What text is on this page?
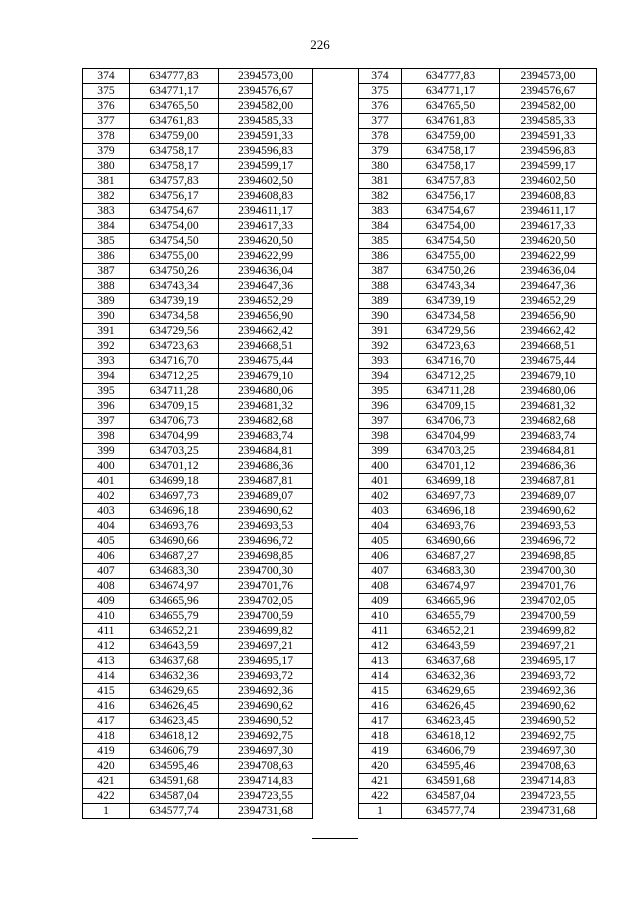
226
374	634777,83	2394573,00
375	634771,17	2394576,67
376	634765,50	2394582,00
377	634761,83	2394585,33
378	634759,00	2394591,33
379	634758,17	2394596,83
380	634758,17	2394599,17
381	634757,83	2394602,50
382	634756,17	2394608,83
383	634754,67	2394611,17
384	634754,00	2394617,33
385	634754,50	2394620,50
386	634755,00	2394622,99
387	634750,26	2394636,04
388	634743,34	2394647,36
389	634739,19	2394652,29
390	634734,58	2394656,90
391	634729,56	2394662,42
392	634723,63	2394668,51
393	634716,70	2394675,44
394	634712,25	2394679,10
395	634711,28	2394680,06
396	634709,15	2394681,32
397	634706,73	2394682,68
398	634704,99	2394683,74
399	634703,25	2394684,81
400	634701,12	2394686,36
401	634699,18	2394687,81
402	634697,73	2394689,07
403	634696,18	2394690,62
404	634693,76	2394693,53
405	634690,66	2394696,72
406	634687,27	2394698,85
407	634683,30	2394700,30
408	634674,97	2394701,76
409	634665,96	2394702,05
410	634655,79	2394700,59
411	634652,21	2394699,82
412	634643,59	2394697,21
413	634637,68	2394695,17
414	634632,36	2394693,72
415	634629,65	2394692,36
416	634626,45	2394690,62
417	634623,45	2394690,52
418	634618,12	2394692,75
419	634606,79	2394697,30
420	634595,46	2394708,63
421	634591,68	2394714,83
422	634587,04	2394723,55
1	634577,74	2394731,68
374	634777,83	2394573,00
375	634771,17	2394576,67
376	634765,50	2394582,00
377	634761,83	2394585,33
378	634759,00	2394591,33
379	634758,17	2394596,83
380	634758,17	2394599,17
381	634757,83	2394602,50
382	634756,17	2394608,83
383	634754,67	2394611,17
384	634754,00	2394617,33
385	634754,50	2394620,50
386	634755,00	2394622,99
387	634750,26	2394636,04
388	634743,34	2394647,36
389	634739,19	2394652,29
390	634734,58	2394656,90
391	634729,56	2394662,42
392	634723,63	2394668,51
393	634716,70	2394675,44
394	634712,25	2394679,10
395	634711,28	2394680,06
396	634709,15	2394681,32
397	634706,73	2394682,68
398	634704,99	2394683,74
399	634703,25	2394684,81
400	634701,12	2394686,36
401	634699,18	2394687,81
402	634697,73	2394689,07
403	634696,18	2394690,62
404	634693,76	2394693,53
405	634690,66	2394696,72
406	634687,27	2394698,85
407	634683,30	2394700,30
408	634674,97	2394701,76
409	634665,96	2394702,05
410	634655,79	2394700,59
411	634652,21	2394699,82
412	634643,59	2394697,21
413	634637,68	2394695,17
414	634632,36	2394693,72
415	634629,65	2394692,36
416	634626,45	2394690,62
417	634623,45	2394690,52
418	634618,12	2394692,75
419	634606,79	2394697,30
420	634595,46	2394708,63
421	634591,68	2394714,83
422	634587,04	2394723,55
1	634577,74	2394731,68
